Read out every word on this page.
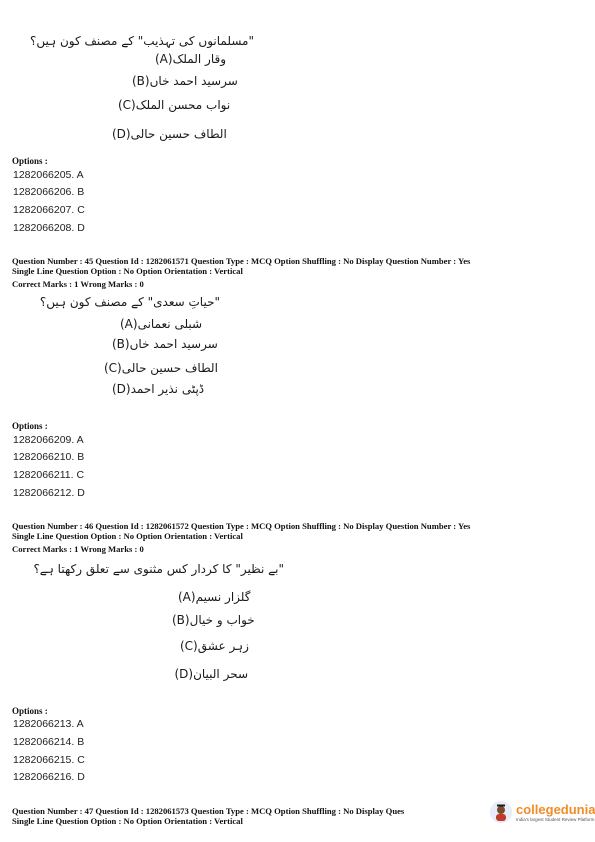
"مسلمانوں کی تہذیب" کے مصنف کون ہیں؟
(A)وقار الملک
(B)سرسید احمد خاں
(C)نواب محسن الملک
(D)الطاف حسین حالی
Options :
1282066205. A
1282066206. B
1282066207. C
1282066208. D
Question Number : 45 Question Id : 1282061571 Question Type : MCQ Option Shuffling : No Display Question Number : Yes
Single Line Question Option : No Option Orientation : Vertical
Correct Marks : 1 Wrong Marks : 0
"حیاتِ سعدی" کے مصنف کون ہیں؟
(A)شبلی نعمانی
(B)سرسید احمد خاں
(C)الطاف حسین حالی
(D)ڈپٹی نذیر احمد
Options :
1282066209. A
1282066210. B
1282066211. C
1282066212. D
Question Number : 46 Question Id : 1282061572 Question Type : MCQ Option Shuffling : No Display Question Number : Yes
Single Line Question Option : No Option Orientation : Vertical
Correct Marks : 1 Wrong Marks : 0
"بے نظیر" کا کردار کس مثنوی سے تعلق رکھتا ہے؟
(A)گلزار نسیم
(B)خواب و خیال
(C)زہر عشق
(D)سحر البیان
Options :
1282066213. A
1282066214. B
1282066215. C
1282066216. D
Question Number : 47 Question Id : 1282061573 Question Type : MCQ Option Shuffling : No Display Ques
Single Line Question Option : No Option Orientation : Vertical
collegedunia
India's largest Student Review Platform
